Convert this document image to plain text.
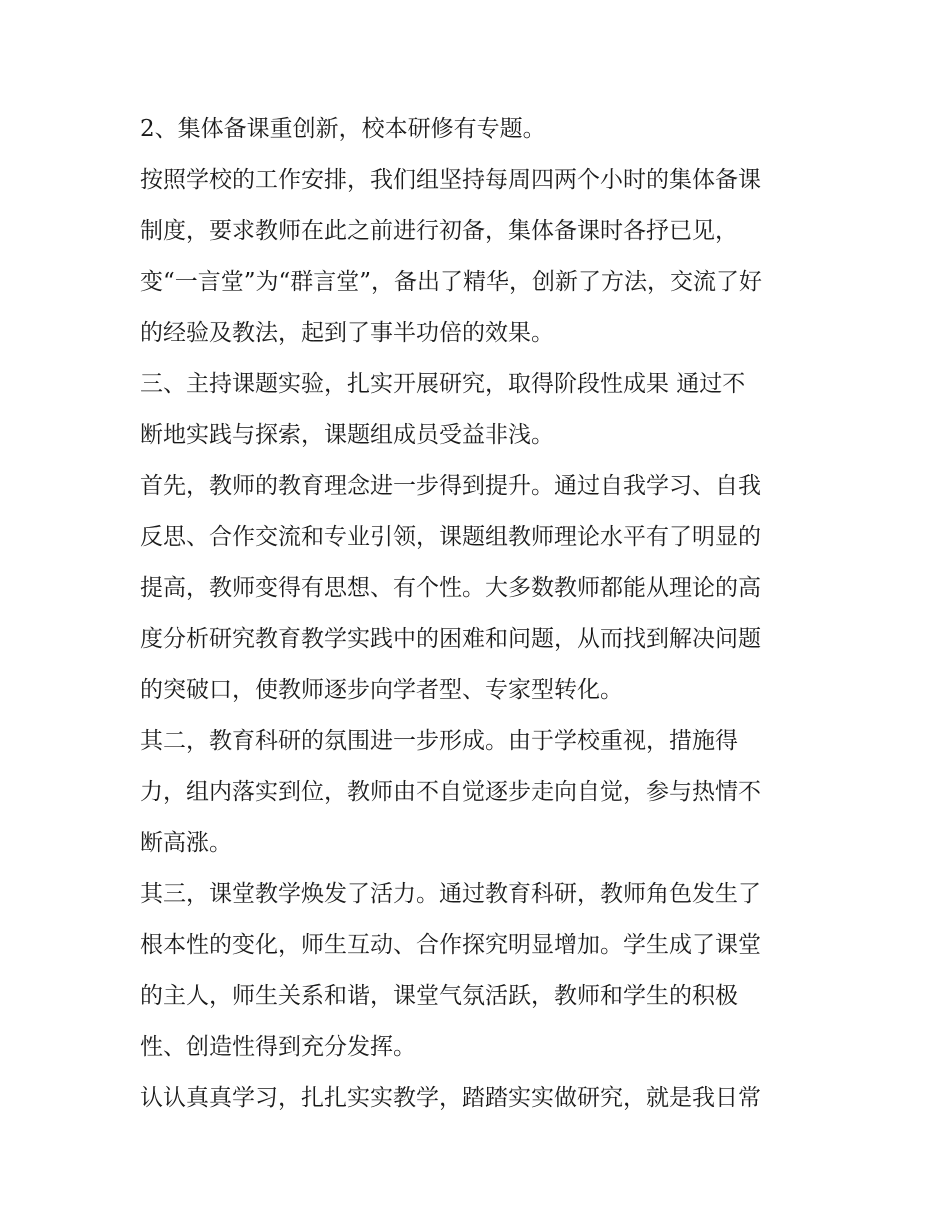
2、集体备课重创新，校本研修有专题。
按照学校的工作安排，我们组坚持每周四两个小时的集体备课
制度，要求教师在此之前进行初备，集体备课时各抒已见，
变“一言堂”为“群言堂”，备出了精华，创新了方法，交流了好
的经验及教法，起到了事半功倍的效果。
三、主持课题实验，扎实开展研究，取得阶段性成果 通过不
断地实践与探索，课题组成员受益非浅。
首先，教师的教育理念进一步得到提升。通过自我学习、自我
反思、合作交流和专业引领，课题组教师理论水平有了明显的
提高，教师变得有思想、有个性。大多数教师都能从理论的高
度分析研究教育教学实践中的困难和问题，从而找到解决问题
的突破口，使教师逐步向学者型、专家型转化。
其二，教育科研的氛围进一步形成。由于学校重视，措施得
力，组内落实到位，教师由不自觉逐步走向自觉，参与热情不
断高涨。
其三，课堂教学焕发了活力。通过教育科研，教师角色发生了
根本性的变化，师生互动、合作探究明显增加。学生成了课堂
的主人，师生关系和谐，课堂气氛活跃，教师和学生的积极
性、创造性得到充分发挥。
认认真真学习，扎扎实实教学，踏踏实实做研究，就是我日常
